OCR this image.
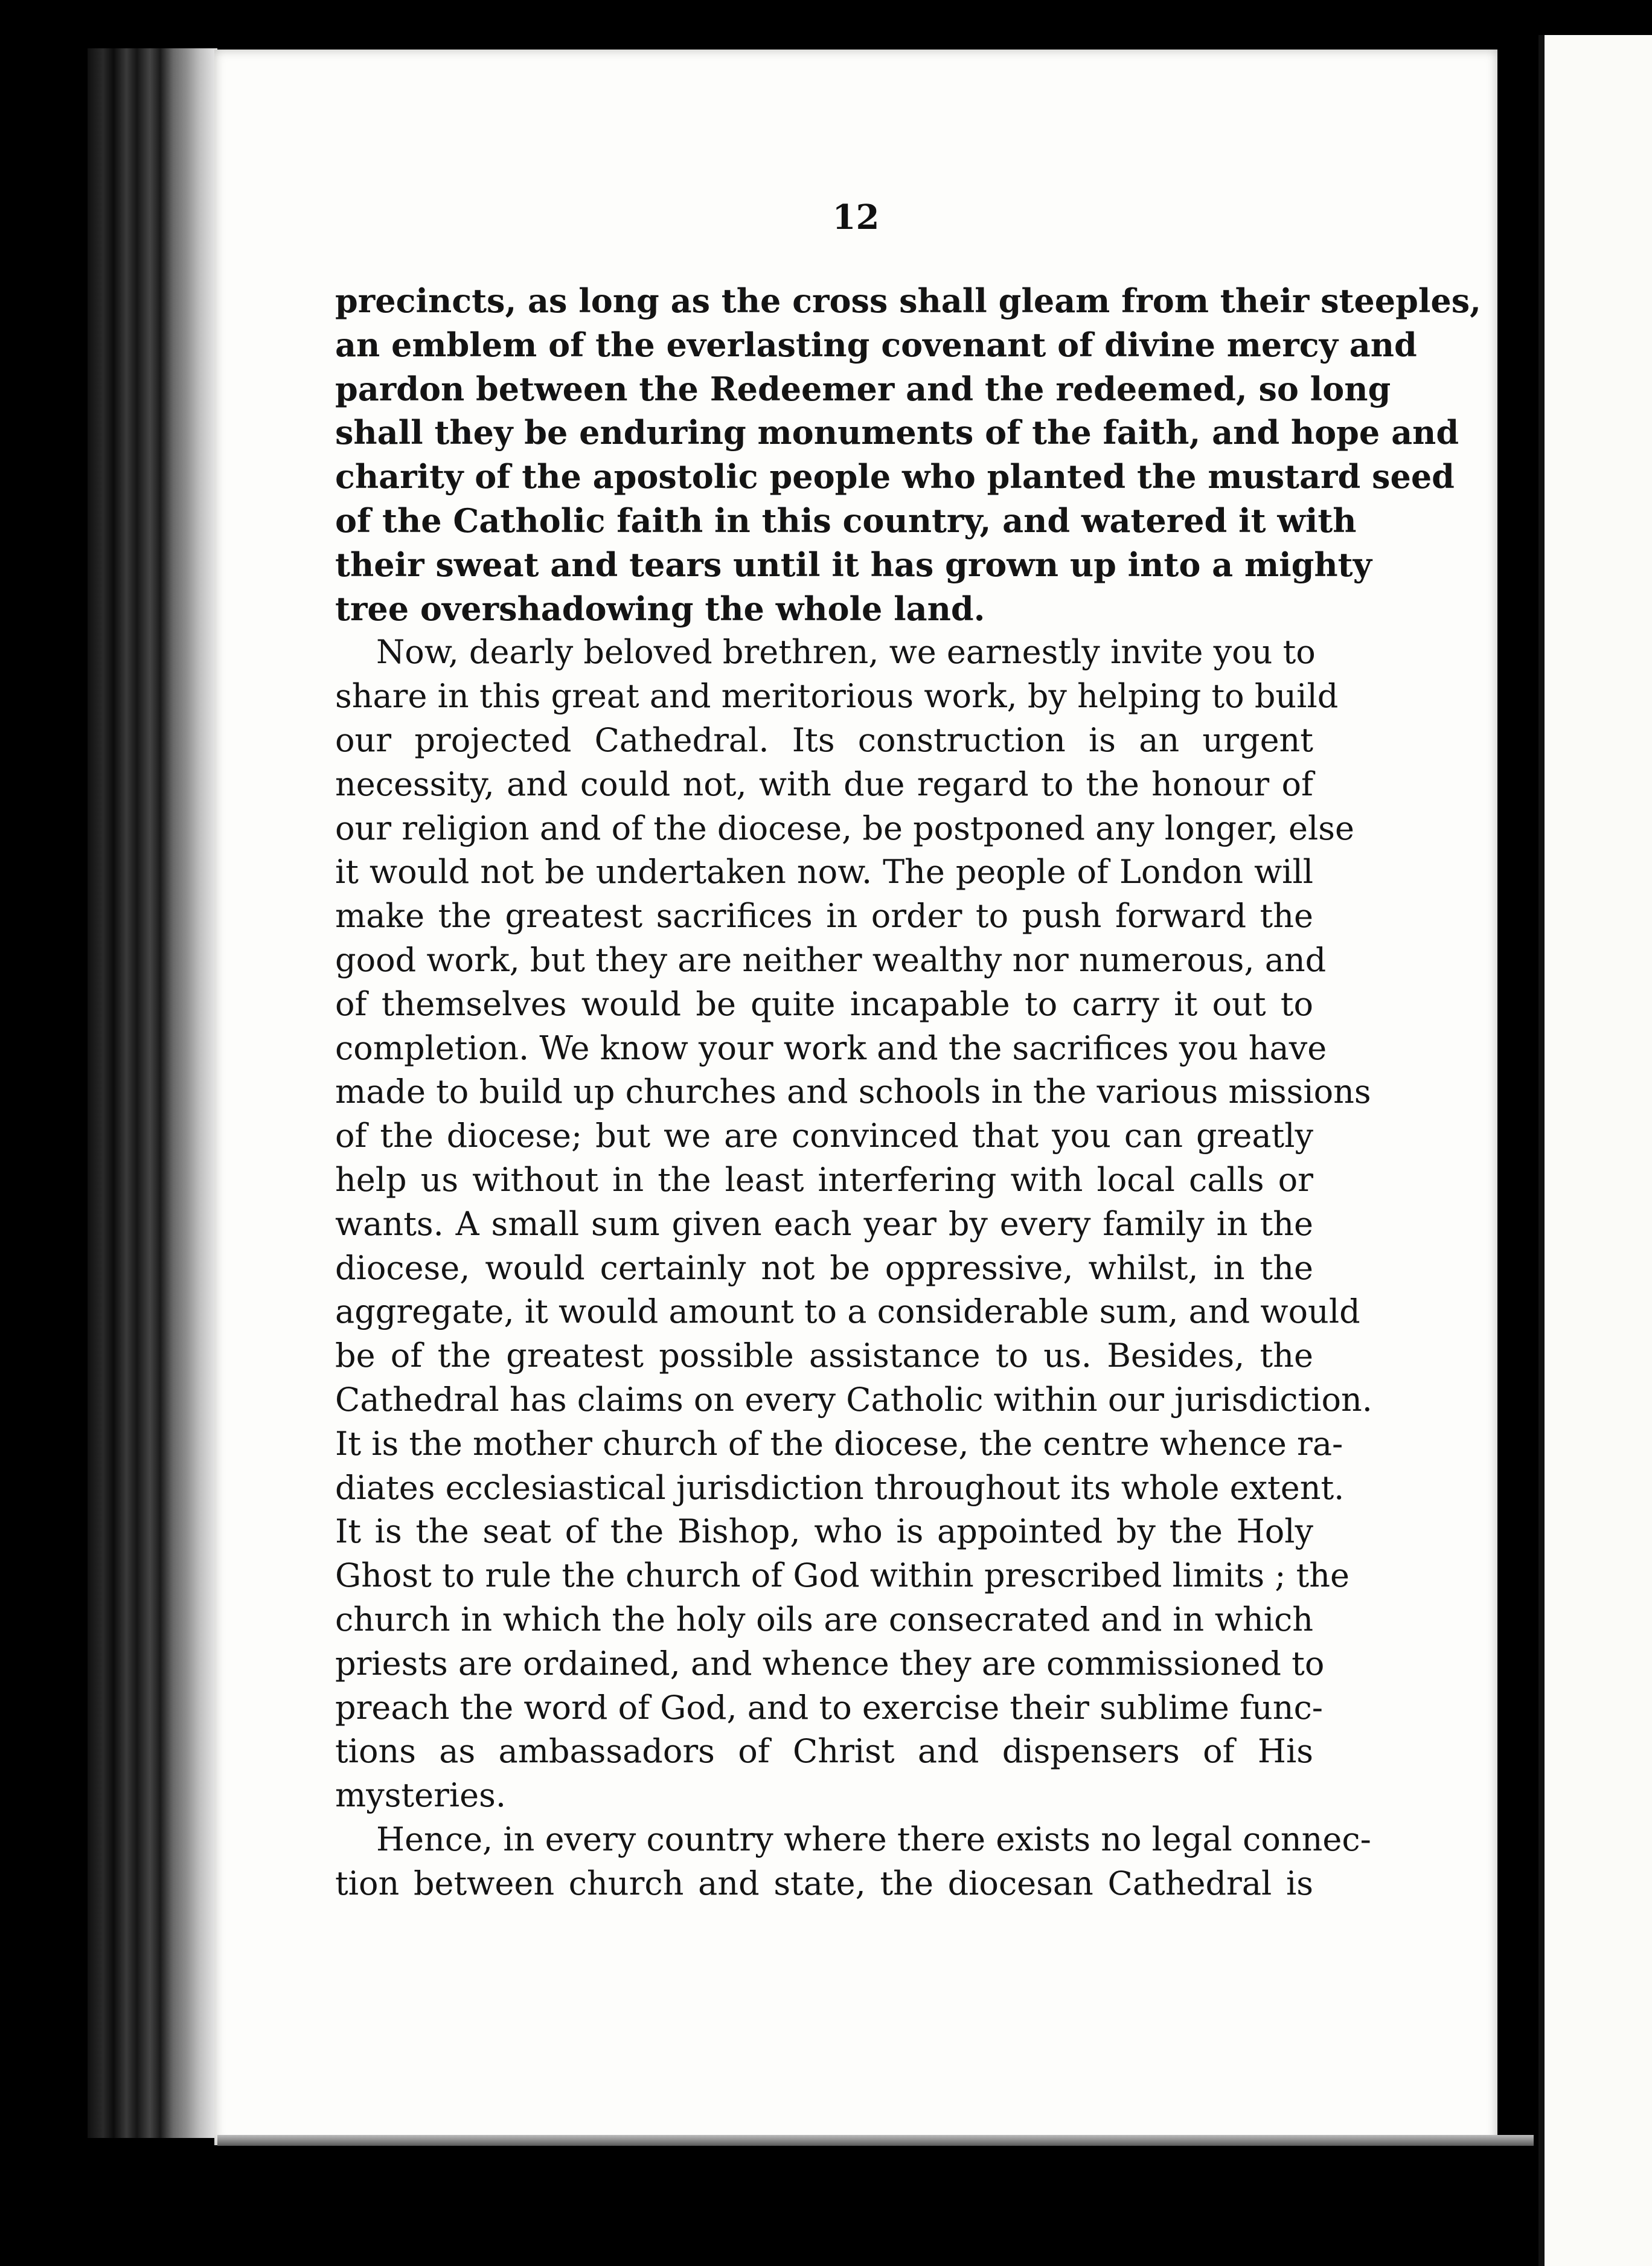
12
precincts, as long as the cross shall gleam from their steeples,
an emblem of the everlasting covenant of divine mercy and
pardon between the Redeemer and the redeemed, so long
shall they be enduring monuments of the faith, and hope and
charity of the apostolic people who planted the mustard seed
of the Catholic faith in this country, and watered it with
their sweat and tears until it has grown up into a mighty
tree overshadowing the whole land.
Now, dearly beloved brethren, we earnestly invite you to
share in this great and meritorious work, by helping to build
our projected Cathedral. Its construction is an urgent
necessity, and could not, with due regard to the honour of
our religion and of the diocese, be postponed any longer, else
it would not be undertaken now. The people of London will
make the greatest sacrifices in order to push forward the
good work, but they are neither wealthy nor numerous, and
of themselves would be quite incapable to carry it out to
completion. We know your work and the sacrifices you have
made to build up churches and schools in the various missions
of the diocese; but we are convinced that you can greatly
help us without in the least interfering with local calls or
wants. A small sum given each year by every family in the
diocese, would certainly not be oppressive, whilst, in the
aggregate, it would amount to a considerable sum, and would
be of the greatest possible assistance to us. Besides, the
Cathedral has claims on every Catholic within our jurisdiction.
It is the mother church of the diocese, the centre whence ra-
diates ecclesiastical jurisdiction throughout its whole extent.
It is the seat of the Bishop, who is appointed by the Holy
Ghost to rule the church of God within prescribed limits ; the
church in which the holy oils are consecrated and in which
priests are ordained, and whence they are commissioned to
preach the word of God, and to exercise their sublime func-
tions as ambassadors of Christ and dispensers of His
mysteries.
Hence, in every country where there exists no legal connec-
tion between church and state, the diocesan Cathedral is
